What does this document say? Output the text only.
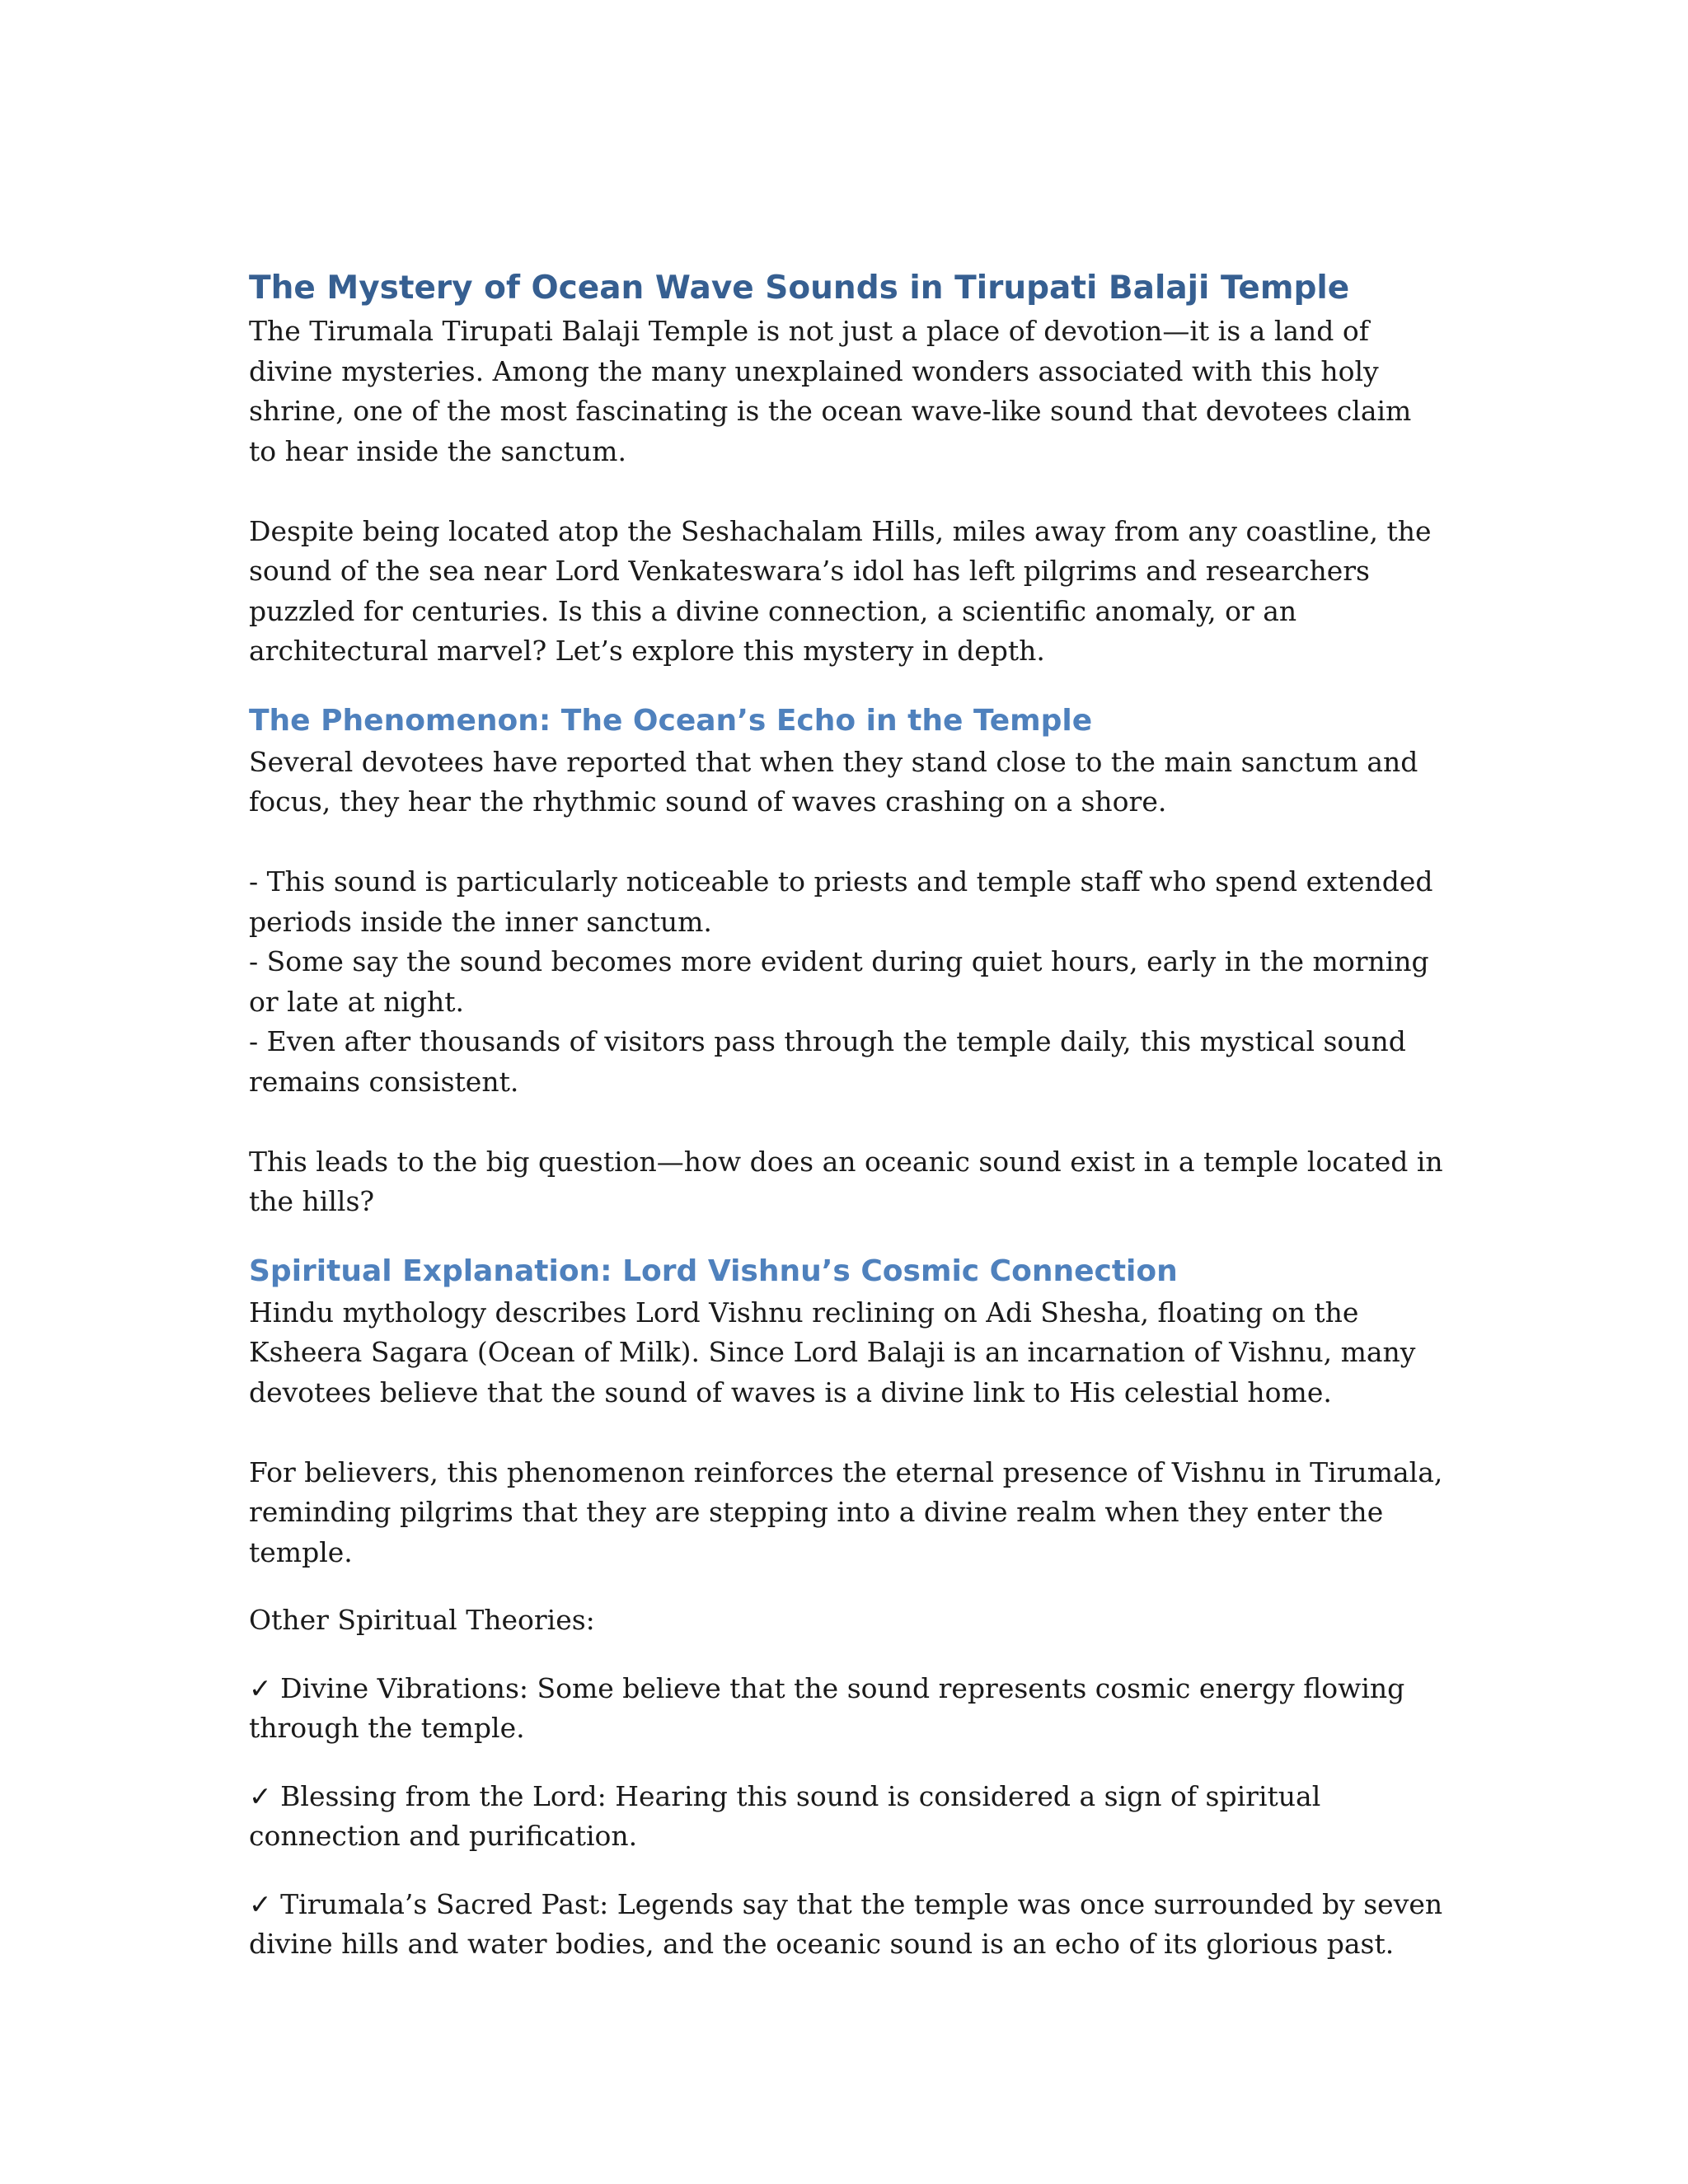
The Mystery of Ocean Wave Sounds in Tirupati Balaji Temple

The Tirumala Tirupati Balaji Temple is not just a place of devotion—it is a land of divine mysteries. Among the many unexplained wonders associated with this holy shrine, one of the most fascinating is the ocean wave-like sound that devotees claim to hear inside the sanctum.

Despite being located atop the Seshachalam Hills, miles away from any coastline, the sound of the sea near Lord Venkateswara’s idol has left pilgrims and researchers puzzled for centuries. Is this a divine connection, a scientific anomaly, or an architectural marvel? Let’s explore this mystery in depth.

The Phenomenon: The Ocean’s Echo in the Temple

Several devotees have reported that when they stand close to the main sanctum and focus, they hear the rhythmic sound of waves crashing on a shore.

- This sound is particularly noticeable to priests and temple staff who spend extended periods inside the inner sanctum.

- Some say the sound becomes more evident during quiet hours, early in the morning or late at night.

- Even after thousands of visitors pass through the temple daily, this mystical sound remains consistent.

This leads to the big question—how does an oceanic sound exist in a temple located in the hills?

Spiritual Explanation: Lord Vishnu’s Cosmic Connection

Hindu mythology describes Lord Vishnu reclining on Adi Shesha, floating on the Ksheera Sagara (Ocean of Milk). Since Lord Balaji is an incarnation of Vishnu, many devotees believe that the sound of waves is a divine link to His celestial home.

For believers, this phenomenon reinforces the eternal presence of Vishnu in Tirumala, reminding pilgrims that they are stepping into a divine realm when they enter the temple.

Other Spiritual Theories:

✓ Divine Vibrations: Some believe that the sound represents cosmic energy flowing through the temple.

✓ Blessing from the Lord: Hearing this sound is considered a sign of spiritual connection and purification.

✓ Tirumala’s Sacred Past: Legends say that the temple was once surrounded by seven divine hills and water bodies, and the oceanic sound is an echo of its glorious past.
